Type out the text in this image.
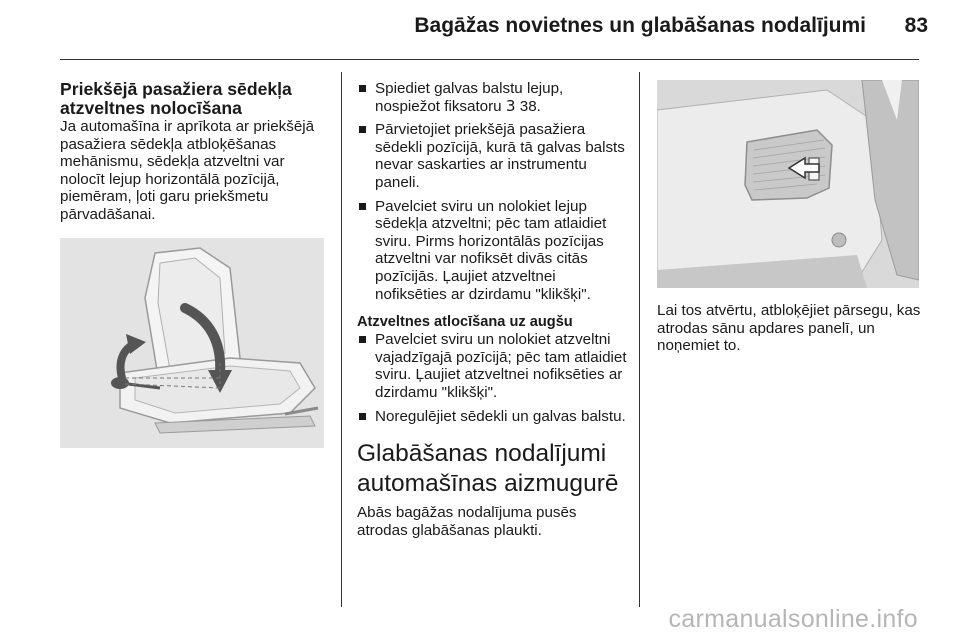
Bagāžas novietnes un glabāšanas nodalījumi	83
Priekšējā pasažiera sēdekļa
atzveltnes nolocīšana

Ja automašīna ir aprīkota ar priekšējā pasažiera sēdekļa atbloķēšanas mehānismu, sēdekļa atzveltni var nolocīt lejup horizontālā pozīcijā, piemēram, ļoti garu priekšmetu pārvadāšanai.

Spiediet galvas balstu lejup, nospiežot fiksatoru 3 38.
Pārvietojiet priekšējā pasažiera sēdekli pozīcijā, kurā tā galvas balsts nevar saskarties ar instrumentu paneli.
Pavelciet sviru un nolokiet lejup sēdekļa atzveltni; pēc tam atlaidiet sviru. Pirms horizontālās pozīcijas atzveltni var nofiksēt divās citās pozīcijās. Ļaujiet atzveltnei nofiksēties ar dzirdamu "klikšķi".
Atzveltnes atlocīšana uz augšu
Pavelciet sviru un nolokiet atzveltni vajadzīgajā pozīcijā; pēc tam atlaidiet sviru. Ļaujiet atzveltnei nofiksēties ar dzirdamu "klikšķi".
Noregulējiet sēdekli un galvas balstu.
Glabāšanas nodalījumi
automašīnas aizmugurē

Abās bagāžas nodalījuma pusēs atrodas glabāšanas plaukti.

Lai tos atvērtu, atbloķējiet pārsegu, kas atrodas sānu apdares panelī, un noņemiet to.

carmanualsonline.info
